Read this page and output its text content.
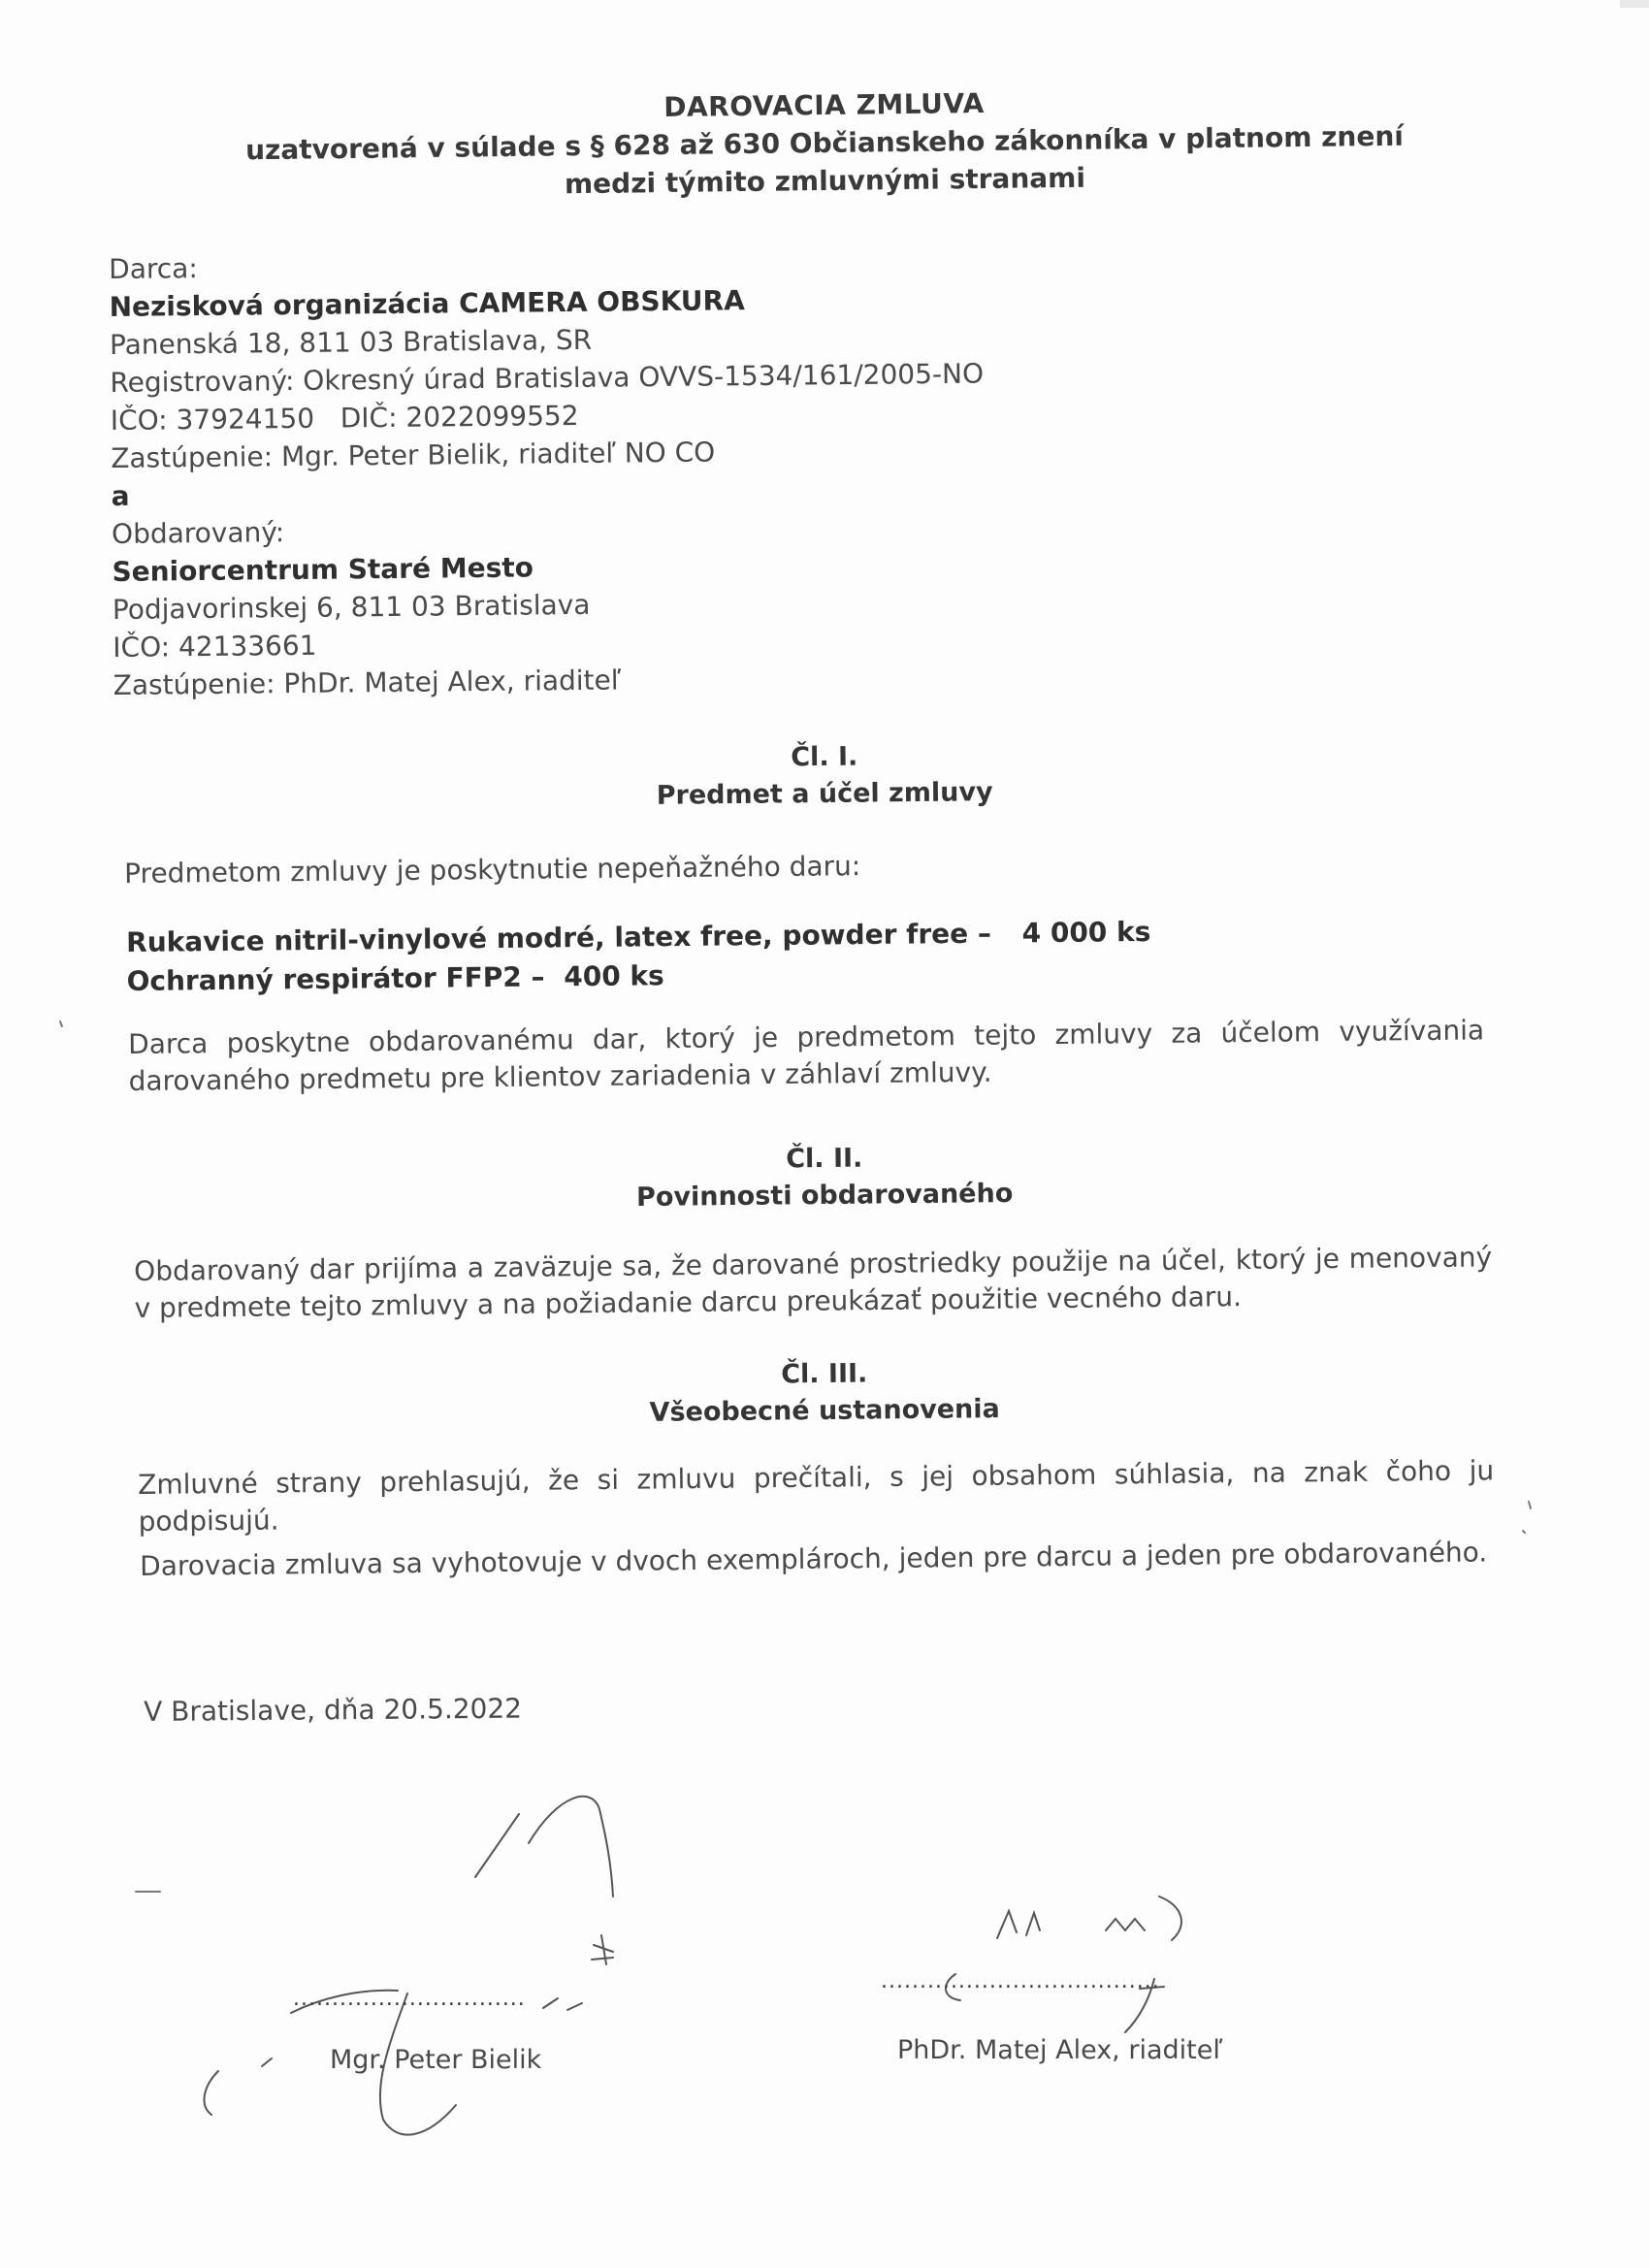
DAROVACIA ZMLUVA
uzatvorená v súlade s § 628 až 630 Občianskeho zákonníka v platnom znení
medzi týmito zmluvnými stranami
Darca:
Nezisková organizácia CAMERA OBSKURA
Panenská 18, 811 03 Bratislava, SR
Registrovaný: Okresný úrad Bratislava OVVS-1534/161/2005-NO
IČO: 37924150   DIČ: 2022099552
Zastúpenie: Mgr. Peter Bielik, riaditeľ NO CO
a
Obdarovaný:
Seniorcentrum Staré Mesto
Podjavorinskej 6, 811 03 Bratislava
IČO: 42133661
Zastúpenie: PhDr. Matej Alex, riaditeľ
Čl. I.
Predmet a účel zmluvy
Predmetom zmluvy je poskytnutie nepeňažného daru:
Rukavice nitril-vinylové modré, latex free, powder free – 4 000 ks
Ochranný respirátor FFP2 – 400 ks
Darca poskytne obdarovanému dar, ktorý je predmetom tejto zmluvy za účelom využívania darovaného predmetu pre klientov zariadenia v záhlaví zmluvy.
Čl. II.
Povinnosti obdarovaného
Obdarovaný dar prijíma a zaväzuje sa, že darované prostriedky použije na účel, ktorý je menovaný v predmete tejto zmluvy a na požiadanie darcu preukázať použitie vecného daru.
Čl. III.
Všeobecné ustanovenia
Zmluvné strany prehlasujú, že si zmluvu prečítali, s jej obsahom súhlasia, na znak čoho ju podpisujú.
Darovacia zmluva sa vyhotovuje v dvoch exemplároch, jeden pre darcu a jeden pre obdarovaného.
V Bratislave, dňa 20.5.2022
..............................
Mgr. Peter Bielik
....................................
PhDr. Matej Alex, riaditeľ
